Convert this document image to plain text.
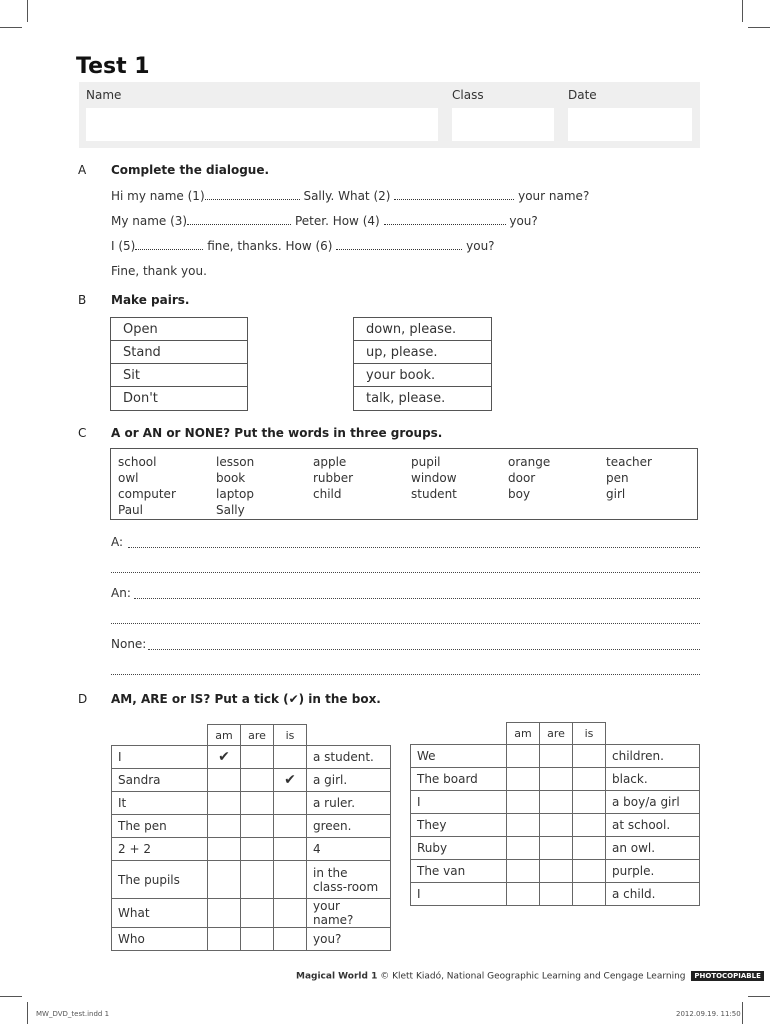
Test 1
Name	Class	Date
A Complete the dialogue.
Hi my name (1)	Sally. What (2)	your name?
My name (3)	Peter. How (4)	you?
I (5)	fine, thanks. How (6)	you?
Fine, thank you.
B Make pairs.
Open
Stand
Sit
Don't
down, please.
up, please.
your book.
talk, please.
C A or AN or NONE? Put the words in three groups.
school
owl
computer
Paul
lesson
book
laptop
Sally
apple
rubber
child
pupil
window
student
orange
door
boy
teacher
pen
girl
A:
An:
None:
D AM, ARE or IS? Put a tick (✔) in the box.
	am	are	is	
I	✔			a student.
Sandra			✔	a girl.
It				a ruler.
The pen				green.
2 + 2				4
The pupils				in the class-room
What				your name?
Who				you?
	am	are	is	
We				children.
The board				black.
I				a boy/a girl
They				at school.
Ruby				an owl.
The van				purple.
I				a child.
Magical World 1 © Klett Kiadó, National Geographic Learning and Cengage Learning PHOTOCOPIABLE
MW_DVD_test.indd 1	2012.09.19. 11:50
